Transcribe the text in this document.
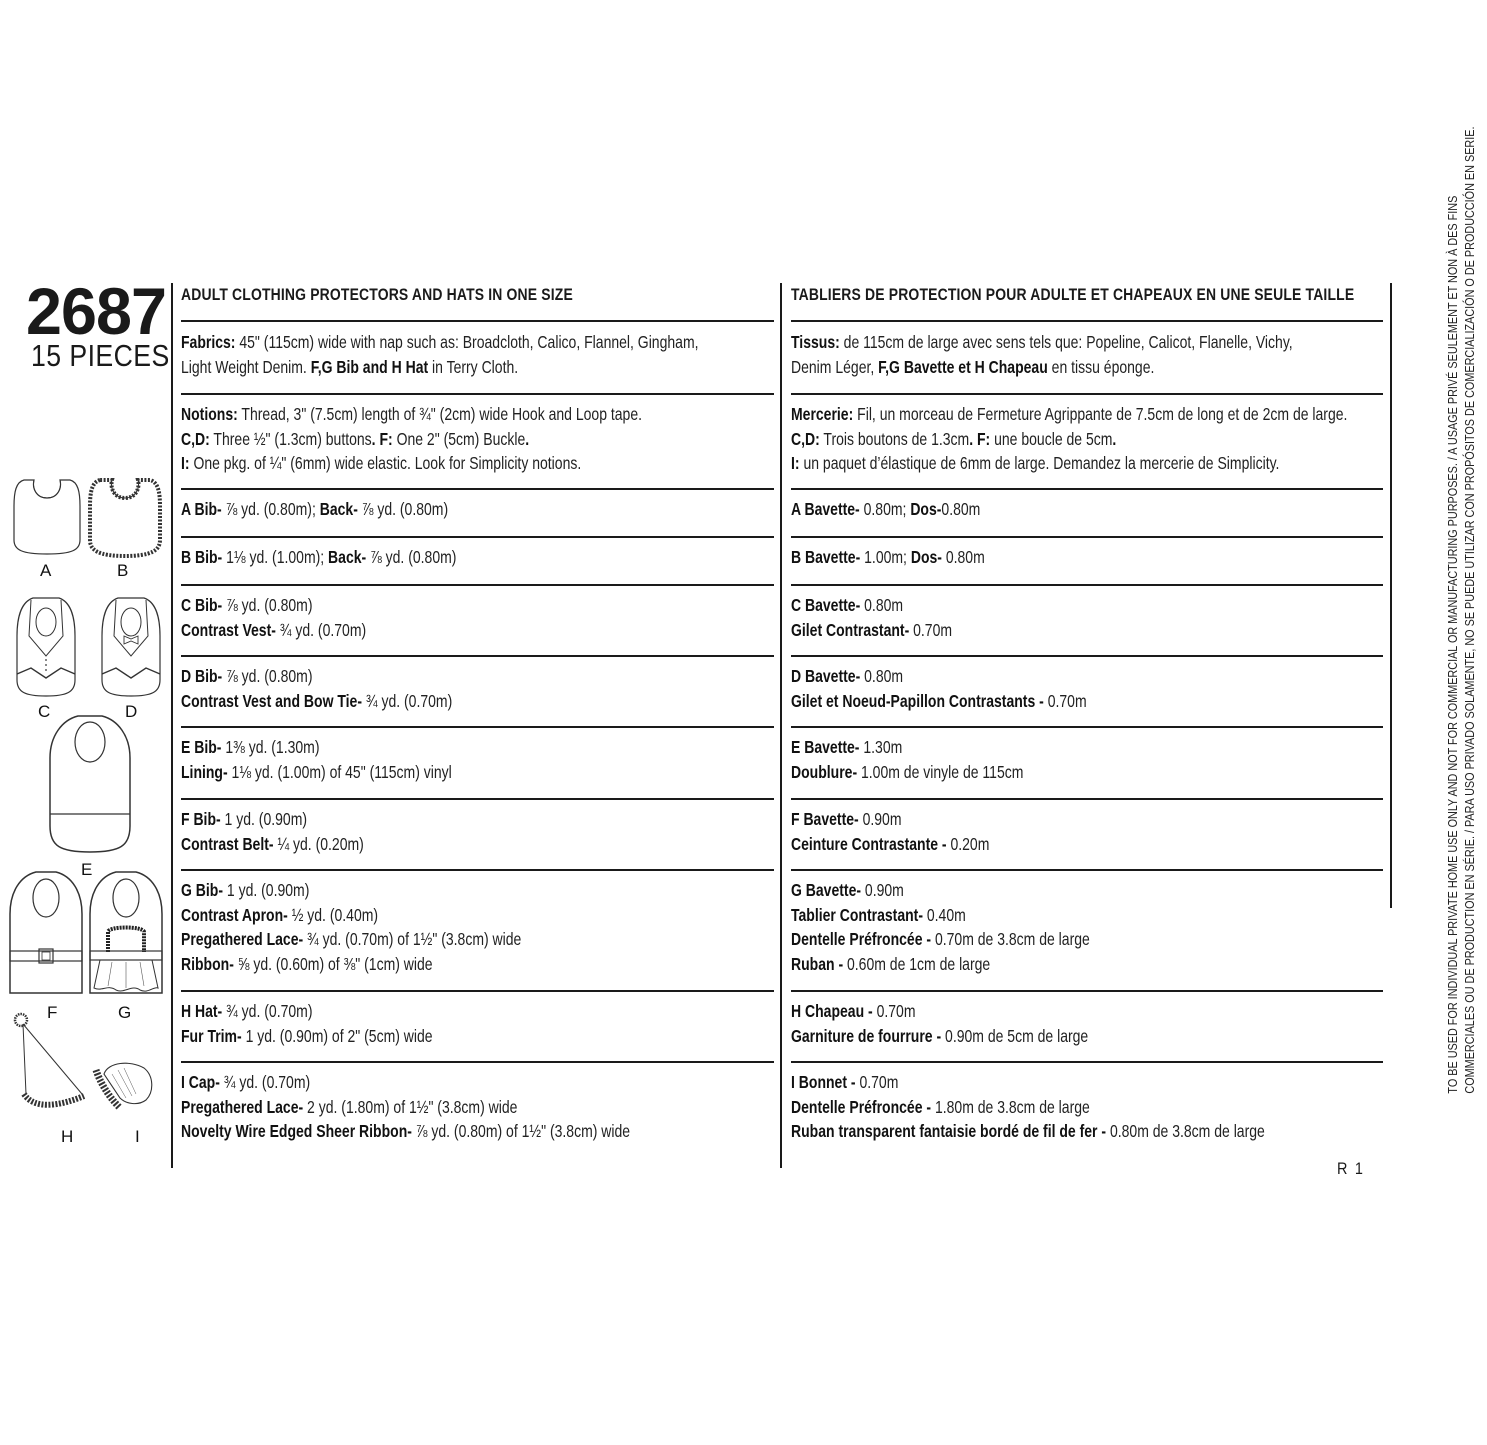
2687
15 PIECES
A	B
C	D
E
F	G
H	I
ADULT CLOTHING PROTECTORS AND HATS IN ONE SIZE
Fabrics: 45" (115cm) wide with nap such as: Broadcloth, Calico, Flannel, Gingham,
Light Weight Denim. F,G Bib and H Hat in Terry Cloth.
Notions: Thread, 3" (7.5cm) length of ¾" (2cm) wide Hook and Loop tape.
C,D: Three ½" (1.3cm) buttons. F: One 2" (5cm) Buckle.
I: One pkg. of ¼" (6mm) wide elastic. Look for Simplicity notions.
A Bib- ⅞ yd. (0.80m); Back- ⅞ yd. (0.80m)
B Bib- 1⅛ yd. (1.00m); Back- ⅞ yd. (0.80m)
C Bib- ⅞ yd. (0.80m)
Contrast Vest- ¾ yd. (0.70m)
D Bib- ⅞ yd. (0.80m)
Contrast Vest and Bow Tie- ¾ yd. (0.70m)
E Bib- 1⅜ yd. (1.30m)
Lining- 1⅛ yd. (1.00m) of 45" (115cm) vinyl
F Bib- 1 yd. (0.90m)
Contrast Belt- ¼ yd. (0.20m)
G Bib- 1 yd. (0.90m)
Contrast Apron- ½ yd. (0.40m)
Pregathered Lace- ¾ yd. (0.70m) of 1½" (3.8cm) wide
Ribbon- ⅝ yd. (0.60m) of ⅜" (1cm) wide
H Hat- ¾ yd. (0.70m)
Fur Trim- 1 yd. (0.90m) of 2" (5cm) wide
I Cap- ¾ yd. (0.70m)
Pregathered Lace- 2 yd. (1.80m) of 1½" (3.8cm) wide
Novelty Wire Edged Sheer Ribbon- ⅞ yd. (0.80m) of 1½" (3.8cm) wide
TABLIERS DE PROTECTION POUR ADULTE ET CHAPEAUX EN UNE SEULE TAILLE
Tissus: de 115cm de large avec sens tels que: Popeline, Calicot, Flanelle, Vichy,
Denim Léger, F,G Bavette et H Chapeau en tissu éponge.
Mercerie: Fil, un morceau de Fermeture Agrippante de 7.5cm de long et de 2cm de large.
C,D: Trois boutons de 1.3cm. F: une boucle de 5cm.
I: un paquet d’élastique de 6mm de large. Demandez la mercerie de Simplicity.
A Bavette- 0.80m; Dos-0.80m
B Bavette- 1.00m; Dos- 0.80m
C Bavette- 0.80m
Gilet Contrastant- 0.70m
D Bavette- 0.80m
Gilet et Noeud-Papillon Contrastants - 0.70m
E Bavette- 1.30m
Doublure- 1.00m de vinyle de 115cm
F Bavette- 0.90m
Ceinture Contrastante - 0.20m
G Bavette- 0.90m
Tablier Contrastant- 0.40m
Dentelle Préfroncée - 0.70m de 3.8cm de large
Ruban - 0.60m de 1cm de large
H Chapeau - 0.70m
Garniture de fourrure - 0.90m de 5cm de large
I Bonnet - 0.70m
Dentelle Préfroncée - 1.80m de 3.8cm de large
Ruban transparent fantaisie bordé de fil de fer - 0.80m de 3.8cm de large
R 1
TO BE USED FOR INDIVIDUAL PRIVATE HOME USE ONLY AND NOT FOR COMMERCIAL OR MANUFACTURING PURPOSES. / A USAGE PRIVÉ SEULEMENT ET NON À DES FINS COMMERCIALES OU DE PRODUCTION EN SÉRIE. / PARA USO PRIVADO SOLAMENTE, NO SE PUEDE UTILIZAR CON PROPÓSITOS DE COMERCIALIZACIÓN O DE PRODUCCIÓN EN SERIE.
